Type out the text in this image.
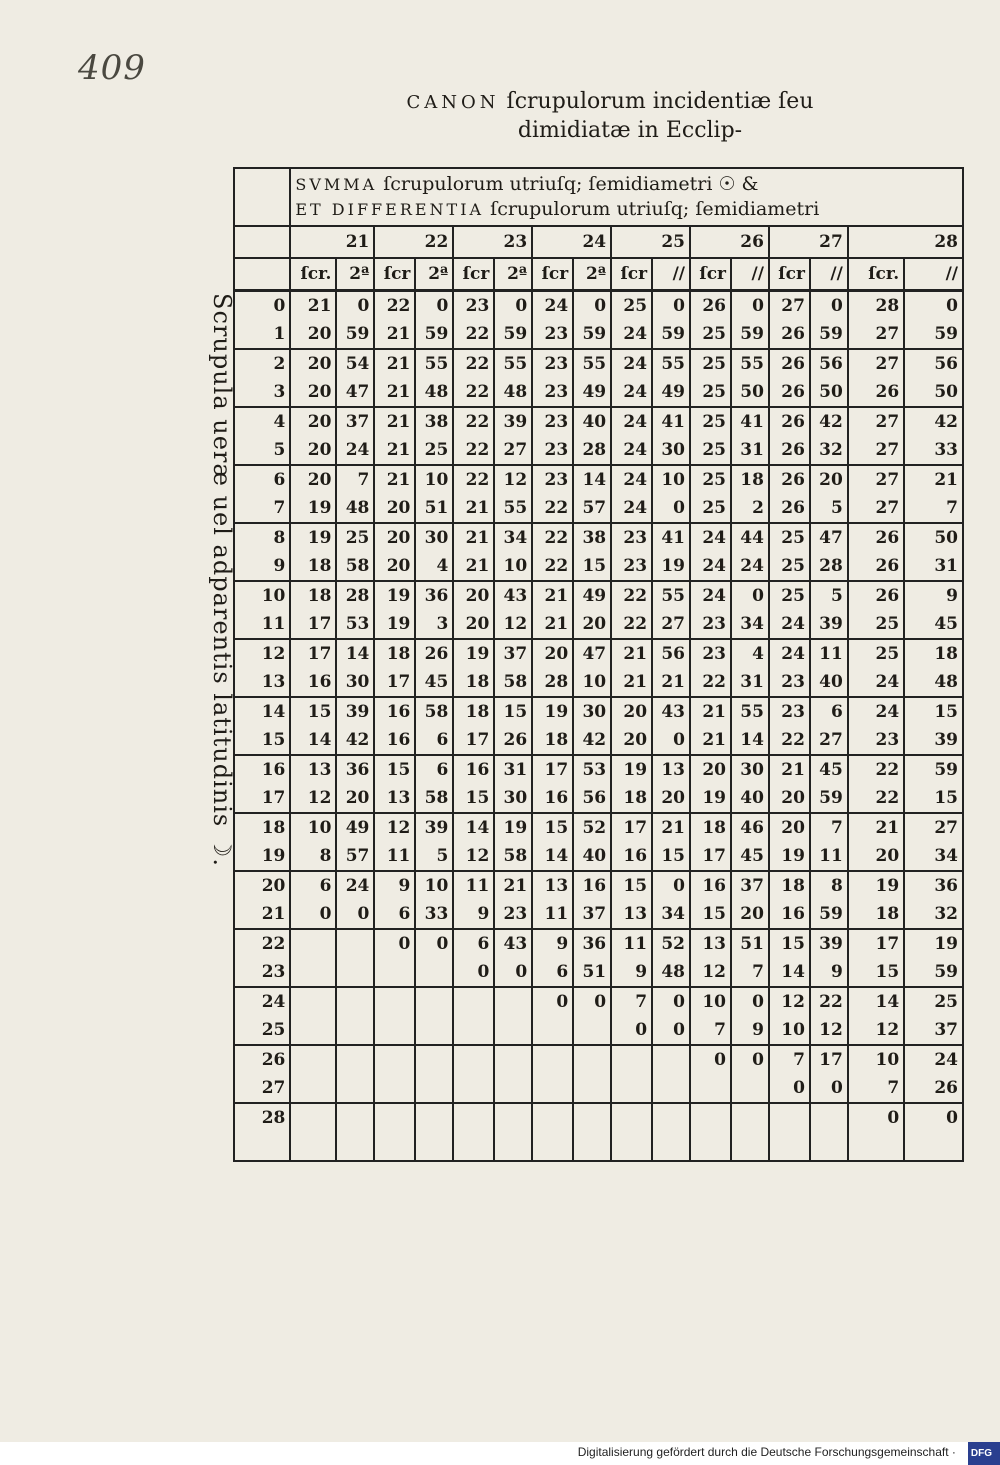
409
CANON ſcrupulorum incidentiæ ſeu
dimidiatæ in Ecclip-
Scrupula ueræ uel adparentis latitudinis ☽.

	SVMMA ſcrupulorum utriuſq; ſemidiametri ☉ &
ET DIFFERENTIA ſcrupulorum utriuſq; ſemidiametri															

	21		22		23		24		25		26		27		28	
	ſcr.	2ª	ſcr	2ª	ſcr	2ª	ſcr	2ª	ſcr	//	ſcr	//	ſcr	//	ſcr.	//
0	21	0	22	0	23	0	24	0	25	0	26	0	27	0	28	0
1	20	59	21	59	22	59	23	59	24	59	25	59	26	59	27	59
2	20	54	21	55	22	55	23	55	24	55	25	55	26	56	27	56
3	20	47	21	48	22	48	23	49	24	49	25	50	26	50	26	50
4	20	37	21	38	22	39	23	40	24	41	25	41	26	42	27	42
5	20	24	21	25	22	27	23	28	24	30	25	31	26	32	27	33
6	20	7	21	10	22	12	23	14	24	10	25	18	26	20	27	21
7	19	48	20	51	21	55	22	57	24	0	25	2	26	5	27	7
8	19	25	20	30	21	34	22	38	23	41	24	44	25	47	26	50
9	18	58	20	4	21	10	22	15	23	19	24	24	25	28	26	31
10	18	28	19	36	20	43	21	49	22	55	24	0	25	5	26	9
11	17	53	19	3	20	12	21	20	22	27	23	34	24	39	25	45
12	17	14	18	26	19	37	20	47	21	56	23	4	24	11	25	18
13	16	30	17	45	18	58	28	10	21	21	22	31	23	40	24	48
14	15	39	16	58	18	15	19	30	20	43	21	55	23	6	24	15
15	14	42	16	6	17	26	18	42	20	0	21	14	22	27	23	39
16	13	36	15	6	16	31	17	53	19	13	20	30	21	45	22	59
17	12	20	13	58	15	30	16	56	18	20	19	40	20	59	22	15
18	10	49	12	39	14	19	15	52	17	21	18	46	20	7	21	27
19	8	57	11	5	12	58	14	40	16	15	17	45	19	11	20	34
20	6	24	9	10	11	21	13	16	15	0	16	37	18	8	19	36
21	0	0	6	33	9	23	11	37	13	34	15	20	16	59	18	32
22			0	0	6	43	9	36	11	52	13	51	15	39	17	19
23					0	0	6	51	9	48	12	7	14	9	15	59
24							0	0	7	0	10	0	12	22	14	25
25									0	0	7	9	10	12	12	37
26											0	0	7	17	10	24
27													0	0	7	26
28															0	0

Digitalisierung gefördert durch die Deutsche Forschungsgemeinschaft · DFG
